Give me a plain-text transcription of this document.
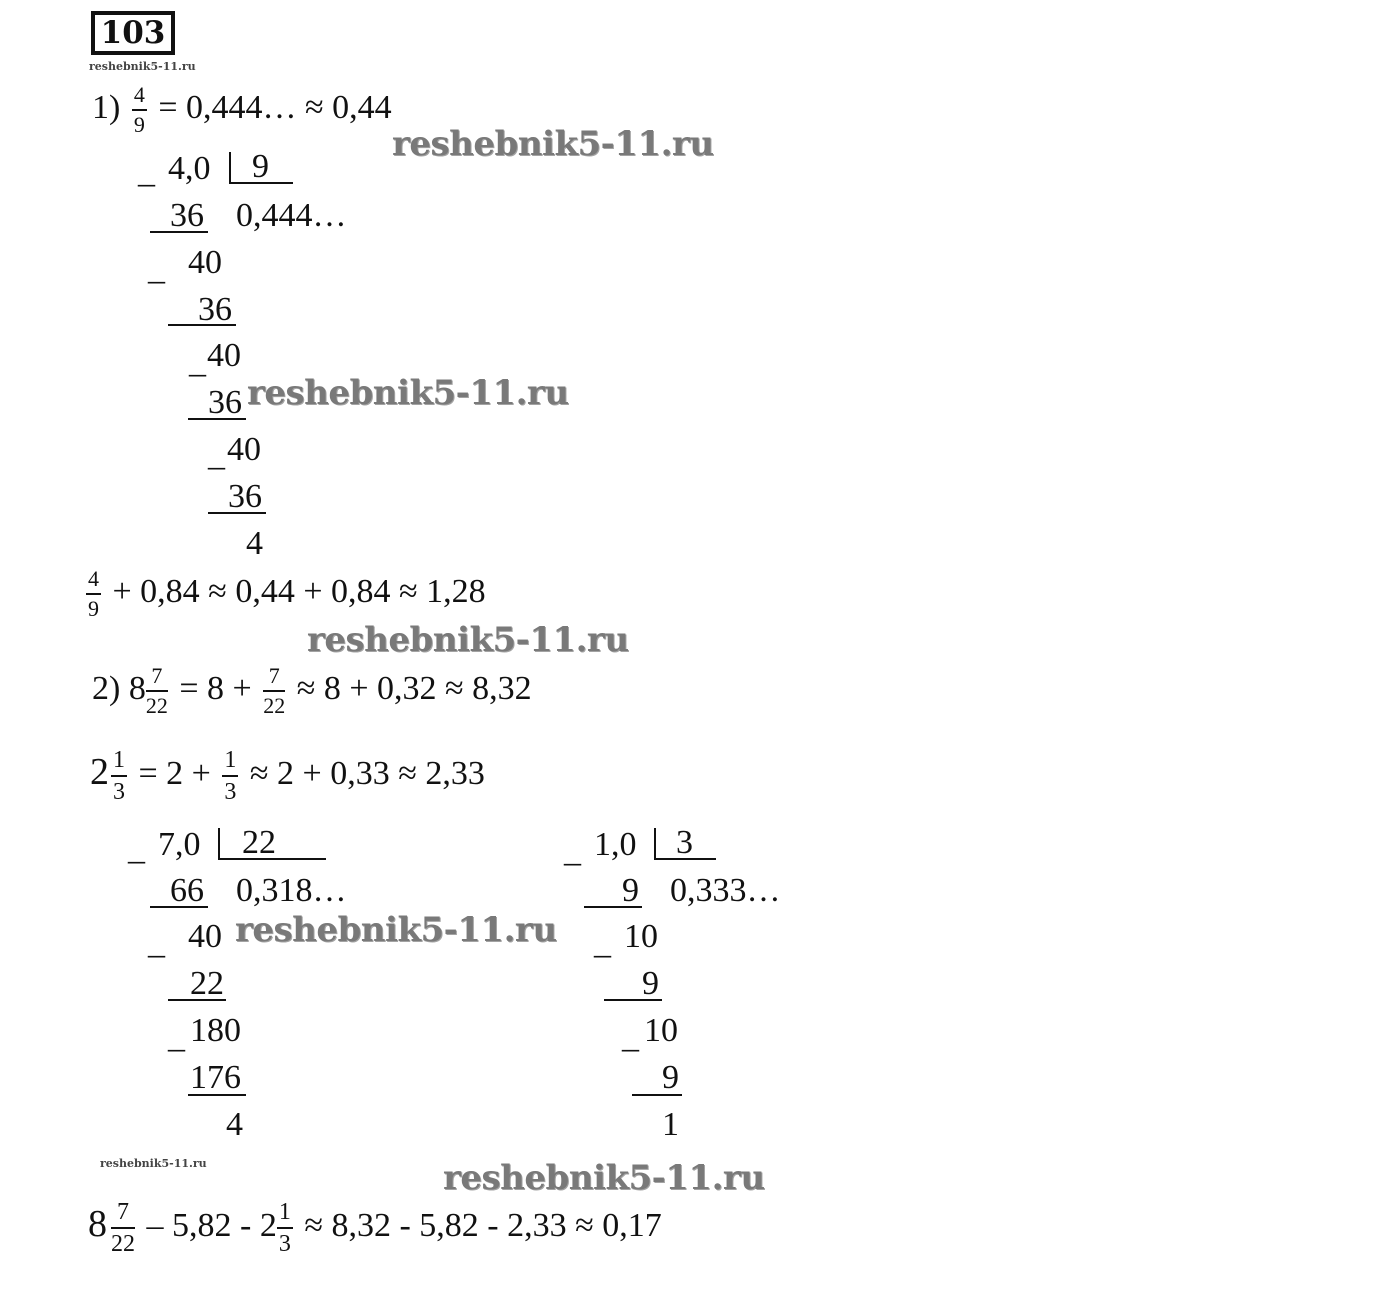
103
reshebnik5-11.ru
$1) \frac{4}{9}$ = 0,444… ≈ 0,44
reshebnik5-11.ru
_ 4,0 9
0,444…
36
_ 40
36
_ 40
36
_ 40
36
4
reshebnik5-11.ru
$\frac{4}{9} + 0,84 \approx 0,44 + 0,84 \approx 1,28$
reshebnik5-11.ru
2) $8 \frac{7}{22} = 8 + \frac{7}{22} \approx 8 + 0,32 \approx 8,32$
$2 \frac{1}{3} = 2 + \frac{1}{3} \approx 2 + 0,33 \approx 2,33$
_ 7,0 22
0,318…
66
_ 40
22
_ 180
176
4
_ 1,0 3
0,333…
9
_ 10
9
_ 10
9
1
reshebnik5-11.ru
reshebnik5-11.ru	reshebnik5-11.ru
$8 \frac{7}{22} - 5,82 - 2 \frac{1}{3} \approx 8,32 - 5,82 - 2,33 \approx 0,17$
